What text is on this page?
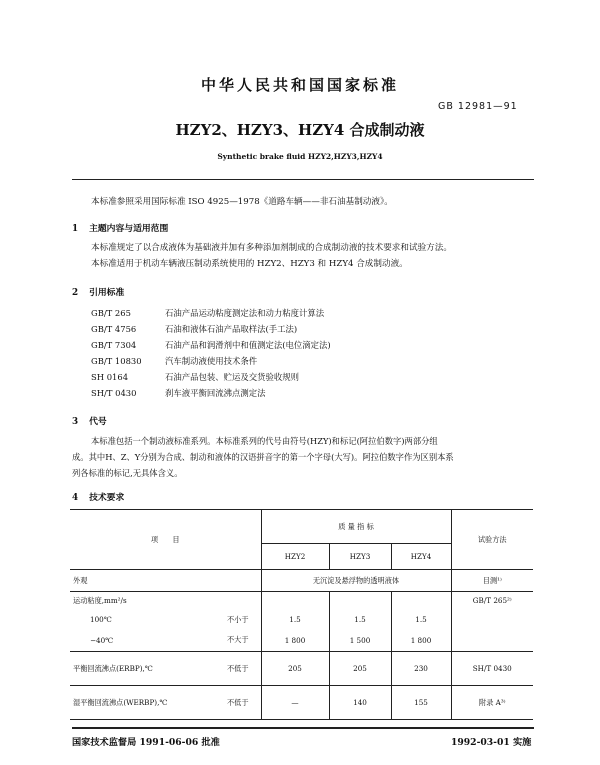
中华人民共和国国家标准
GB 12981—91
HZY2、HZY3、HZY4 合成制动液
Synthetic brake fluid HZY2,HZY3,HZY4
本标准参照采用国际标准 ISO 4925—1978《道路车辆——非石油基制动液》。
1 主题内容与适用范围
本标准规定了以合成液体为基础液并加有多种添加剂制成的合成制动液的技术要求和试验方法。
本标准适用于机动车辆液压制动系统使用的 HZY2、HZY3 和 HZY4 合成制动液。
2 引用标准
GB/T 265	石油产品运动粘度测定法和动力粘度计算法
GB/T 4756	石油和液体石油产品取样法(手工法)
GB/T 7304	石油产品和润滑剂中和值测定法(电位滴定法)
GB/T 10830	汽车制动液使用技术条件
SH 0164	石油产品包装、贮运及交货验收规则
SH/T 0430	刹车液平衡回流沸点测定法
3 代号
本标准包括一个制动液标准系列。本标准系列的代号由符号(HZY)和标记(阿拉伯数字)两部分组
成。其中H、Z、Y分别为合成、制动和液体的汉语拼音字的第一个字母(大写)。阿拉伯数字作为区别本系
列各标准的标记,无具体含义。
4 技术要求
项　　目		质 量 指 标			试验方法
		HZY2	HZY3	HZY4	
外观		无沉淀及悬浮物的透明液体			目测¹⁾
运动粘度,mm²/s					GB/T 265²⁾
100℃	不小于	1.5	1.5	1.5	
−40℃	不大于	1 800	1 500	1 800	
平衡回流沸点(ERBP),℃	不低于	205	205	230	SH/T 0430
湿平衡回流沸点(WERBP),℃	不低于	—	140	155	附录 A³⁾
国家技术监督局 1991-06-06 批准	1992-03-01 实施
